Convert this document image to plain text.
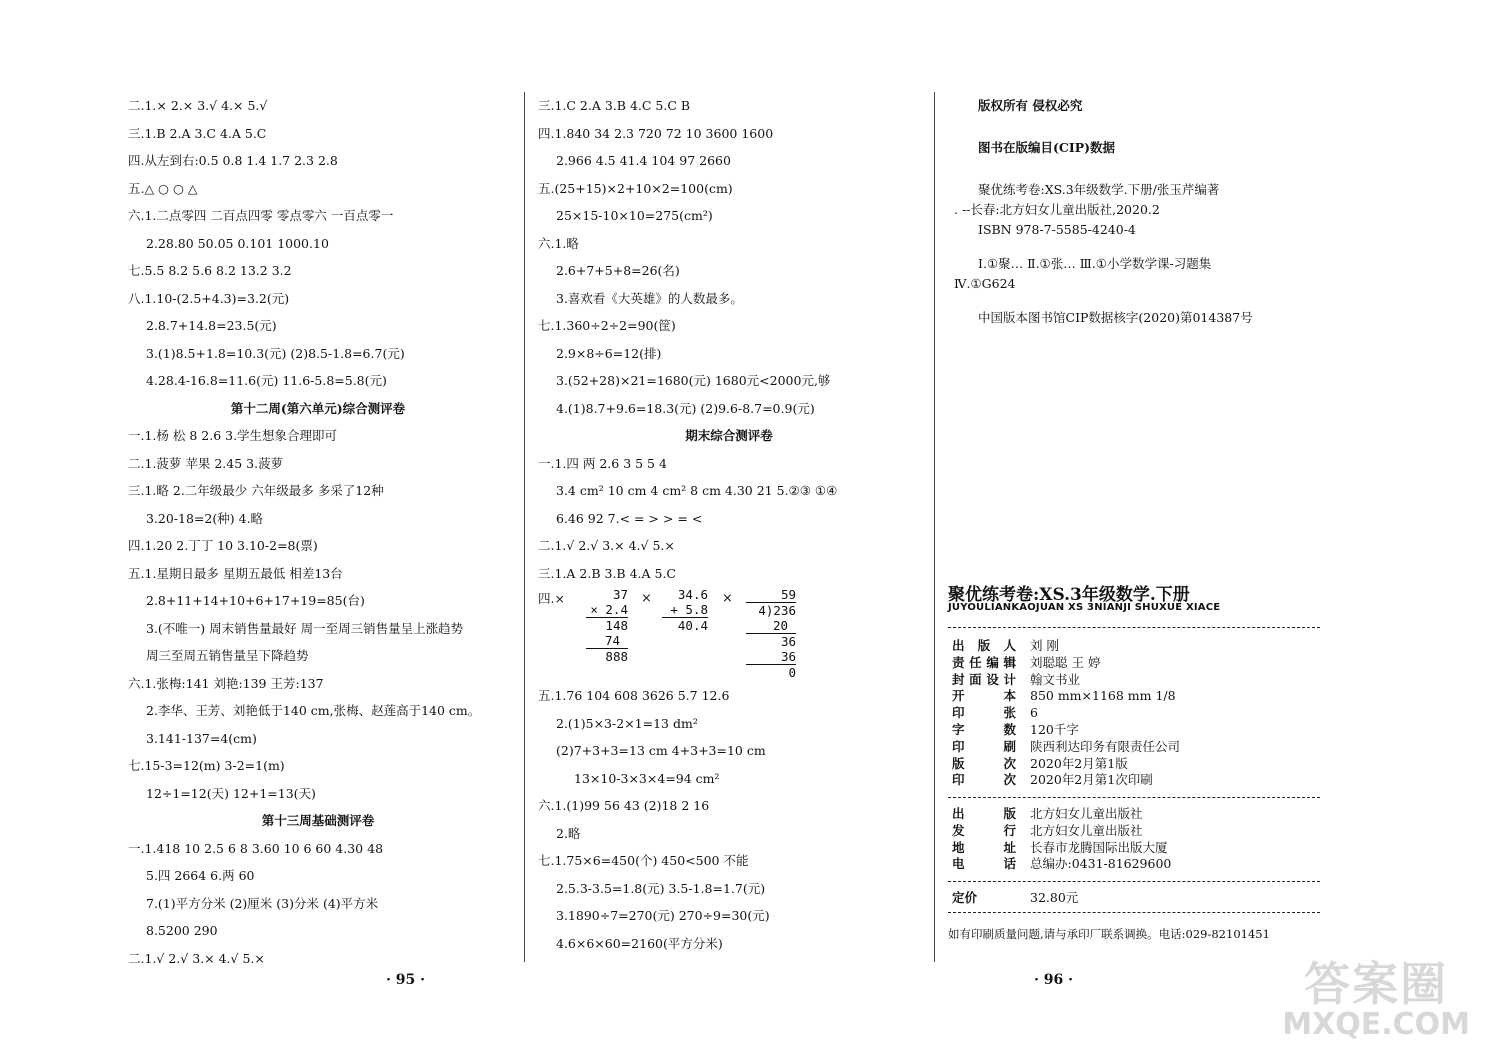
二.1.× 2.× 3.√ 4.× 5.√
三.1.B 2.A 3.C 4.A 5.C
四.从左到右:0.5 0.8 1.4 1.7 2.3 2.8
五.△ ○ ○ △
六.1.二点零四 二百点四零 零点零六 一百点零一
2.28.80 50.05 0.101 1000.10
七.5.5 8.2 5.6 8.2 13.2 3.2
八.1.10-(2.5+4.3)=3.2(元)
2.8.7+14.8=23.5(元)
3.(1)8.5+1.8=10.3(元) (2)8.5-1.8=6.7(元)
4.28.4-16.8=11.6(元) 11.6-5.8=5.8(元)
第十二周(第六单元)综合测评卷
一.1.杨 松 8 2.6 3.学生想象合理即可
二.1.菠萝 苹果 2.45 3.菠萝
三.1.略 2.二年级最少 六年级最多 多采了12种
3.20-18=2(种) 4.略
四.1.20 2.丁丁 10 3.10-2=8(票)
五.1.星期日最多 星期五最低 相差13台
2.8+11+14+10+6+17+19=85(台)
3.(不唯一) 周末销售量最好 周一至周三销售量呈上涨趋势
周三至周五销售量呈下降趋势
六.1.张梅:141 刘艳:139 王芳:137
2.李华、王芳、刘艳低于140 cm,张梅、赵莲高于140 cm。
3.141-137=4(cm)
七.15-3=12(m) 3-2=1(m)
12÷1=12(天) 12+1=13(天)
第十三周基础测评卷
一.1.418 10 2.5 6 8 3.60 10 6 60 4.30 48
5.四 2664 6.两 60
7.(1)平方分米 (2)厘米 (3)分米 (4)平方米
8.5200 290
二.1.√ 2.√ 3.× 4.√ 5.×
三.1.C 2.A 3.B 4.C 5.C B
四.1.840 34 2.3 720 72 10 3600 1600
2.966 4.5 41.4 104 97 2660
五.(25+15)×2+10×2=100(cm)
25×15-10×10=275(cm²)
六.1.略
2.6+7+5+8=26(名)
3.喜欢看《大英雄》的人数最多。
七.1.360÷2÷2=90(筐)
2.9×8÷6=12(排)
3.(52+28)×21=1680(元) 1680元<2000元,够
4.(1)8.7+9.6=18.3(元) (2)9.6-8.7=0.9(元)
期末综合测评卷
一.1.四 两 2.6 3 5 5 4
3.4 cm² 10 cm 4 cm² 8 cm 4.30 21 5.②③ ①④
6.46 92 7.< = > > = <
二.1.√ 2.√ 3.× 4.√ 5.×
三.1.A 2.B 3.B 4.A 5.C
四.×	37
× 2.4
148
74
888
×	34.6
+ 5.8
40.4
×	59
4)236
20
36
36
0
五.1.76 104 608 3626 5.7 12.6
2.(1)5×3-2×1=13 dm²
(2)7+3+3=13 cm 4+3+3=10 cm
13×10-3×3×4=94 cm²
六.1.(1)99 56 43 (2)18 2 16
2.略
七.1.75×6=450(个) 450<500 不能
2.5.3-3.5=1.8(元) 3.5-1.8=1.7(元)
3.1890÷7=270(元) 270÷9=30(元)
4.6×6×60=2160(平方分米)
· 95 ·	· 96 ·
版权所有 侵权必究
图书在版编目(CIP)数据
聚优练考卷:XS.3年级数学.下册/张玉芹编著
. --长春:北方妇女儿童出版社,2020.2
ISBN 978-7-5585-4240-4
Ⅰ.①聚… Ⅱ.①张… Ⅲ.①小学数学课-习题集
Ⅳ.①G624
中国版本图书馆CIP数据核字(2020)第014387号
聚优练考卷:XS.3年级数学.下册
JUYOULIANKAOJUAN XS 3NIANJI SHUXUE XIACE
出 版 人 刘 刚
责 任 编 辑 刘聪聪 王 婷
封 面 设 计 翰文书业
开	本 850 mm×1168 mm 1/8
印	张 6
字	数 120千字
印	刷 陕西利达印务有限责任公司
版	次 2020年2月第1版
印	次 2020年2月第1次印刷
出	版 北方妇女儿童出版社
发	行 北方妇女儿童出版社
地	址 长春市龙腾国际出版大厦
电	话 总编办:0431-81629600
定价	32.80元
如有印刷质量问题,请与承印厂联系调换。电话:029-82101451
答案圈
MXQE.COM
